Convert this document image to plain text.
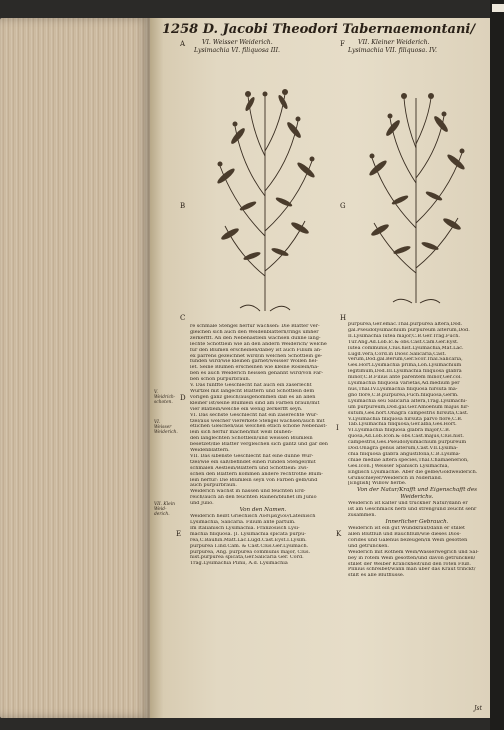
1258 D. Jacobi Theodori Tabernaemontani/
VI. Weisser Weiderich.
Lysimachia VI. filiquosa III.
VII. Kleiner Weiderich.
Lysimachia VII. filiquosa. IV.
A	F
B	G
C	H
D
I
E	K
V. Weidrich- schoten.
VI. Weisser Weiderich.
VII. Klein Weid- derich.
re schmale Stengel herfür wachsen: Die Blätter ver-
gleichen sich auch den Weidenblättern/rings umher
zerkerfft. An den Nebenästlein wachsen dünne lang-
lechte Schöttlein wie an den andern Weiderich/ welche
für den Blumen erscheinen/dabey ist auch Filium an-
ex parrens gezeichnet wird/in welchen Schöttlein ge-
funden wird/wie kleinen garnet/weisser Wollen hel-
let. Seine Blumen erscheinen wie kleine Röslein/ha-
ben es auch Weiderich heissen genannt wird/von Far-
ben schön purpurbraun.
V. Das fünffte Geschlecht hat auch ein zaserlecht
Wurtzel mit langecht Blättern und Schöttlein dem
vorigen ganz gleich/ausgenommen daß es an allen
kleiner ist/seine Blümlein sind am Farben braun/mit
vier Blätlein/welche ein wenig zerkerfft seyn.
VI. Das sechste Geschlecht hat ein zaserechte Wur-
tzel/aus welcher viererkete Stengel wachsen/auch mit
etlichen Gleichen/aus welchen etlich schöne Nebenäst-
lein sich herfür machen/mit weiß blühen-
den langlechten Schöttlein/und weissen Blümlein
besetzet/die Blätter vergleichen sich gantz und gar den
Weidenblättern.
VII. Das sibenste Geschlecht hat eine dünne Wur-
tzel/wie ein saß/befindet einen runden Stengel/mit
schmalen Aestlein/Blättern und Schöttlein: zwi-
schen den Blättern kommen andere rechtrothe Blüm-
lein herfür: Die Blümlein seyn von Farben gelb/und
auch purpurbraun.
Weiderich wächst in nassen und feuchten Erd-
reich/auch an den feuchten Rainen/blühet im Junio
und Julio.
Von den Namen.
Weiderich heißt Griechisch Λυσιμάχιον/Lateinisch
Lysimachia, Salicaria. Filium ante partum.
Im Italiänisch Lysimachia. Französisch Lysi-
machia filiquosa. [I. Lysimachia spicata purpu-
rea,C.Bauhin.Matt.Lac.Lugd.Cast.Eyst.I.Lysim.
purpurea I.ind.Cam. & Cast.Clus.Ger.Lysimach.
purpurea, Ang. purpurea communis major, Clus.
hist.purpurea spicata,Ger.Salicaria Ger. Cord.
Trag.Lysimachia Plinii, A.d. Lysimachia
purpurea,Ger.emac.Thal.purpurea altera,Dod.
gal.Pseudolysimachium purpureum alterum,Dod.
II.Lysimachia lutea major,C.B.Ger.Trag.Fuch.
Tur.Ang.Ad.Lob.Ic.& obs.Cast.Cam.Ger.Eyst.
lutea communis,Clus.hist.Lysimachia,Mat.Lac.
Lugd.vera,Cord.in Diosc.Salicaria,Cast.
verum,Dod.gal.Berum,Ger.Scor.Thal.Salicaria,
Ges.Hort.Lysimachia prima,Lon.Lysimachium
legitimum,Dod.III.Lysimachia filiquosa glabra
minor,C.B.Filius ante parentem minor,Ger.col.
Lysimachia filiquosa varietas,Ad.medium per
nus,Thal.IV.Lysimachia filiquosa hirsuta ma-
gno flore,C.B.purpurea,Fuch.filiquosa,Germ.
Lysimachia seu Salicaria altera,Trag.Lysimachi-
um purpureum,Dod.gal.Ger.Amoenum majus hir-
sutum,Ges.hort.Onagra campestris hirsuta,Cast.
V.Lysimachia filiquosa hirsuta parvo flore,C.B.
Tab.Lysimachia filiquosa,Ger.alba,Ges.Hort.
VI.Lysimachia filiquosa glabra major,C.B.
quosa,Ad.Lob.Icon.& obs.Cast.majus,Clus.hist.
campestris,Ges.Pseudolysimachium purpureum
Dod.Onagra genus alterum,Cast.VII.Lysima-
chia filiquosa glabra angustifolia,C.B.Lysima-
chiae mediae altera species,Thal.Chamaenerion,
Ges.Icon.] Weisser Spanisch Lysimachia,
Englisch Lysimachie. Aber die gelbe/Goldweiderich.
Grünschleyer/Weiderich in Niderland.
[English] Willow herbe.
Von der Natur/Krafft und Eigenschafft des Weiderichs.
Weiderich ist kalter und truckner Natur/dann er
ist am Geschmack herb und streng/und zeucht sehr
zusammen.
Innerlicher Gebrauch.
Weiderich ist ein gut Wundkraut/dann er stillet
allen Blutfluß und Bauchfluß/wie dieses Dios-
corides und Galenus bezeugen/in Wein gesotten
und getruncken.
Weiderich mit Rothem Wein/Wasserwegrich und Sal-
bey in rotem Wein gesotten/und davon getruncken/
stillet der Weiber Kranckheit/und den roten Fluß.
Plinius schreibet/wann man über das Kraut trinckt/
stillt es alle Blutflüsse.
Jst
